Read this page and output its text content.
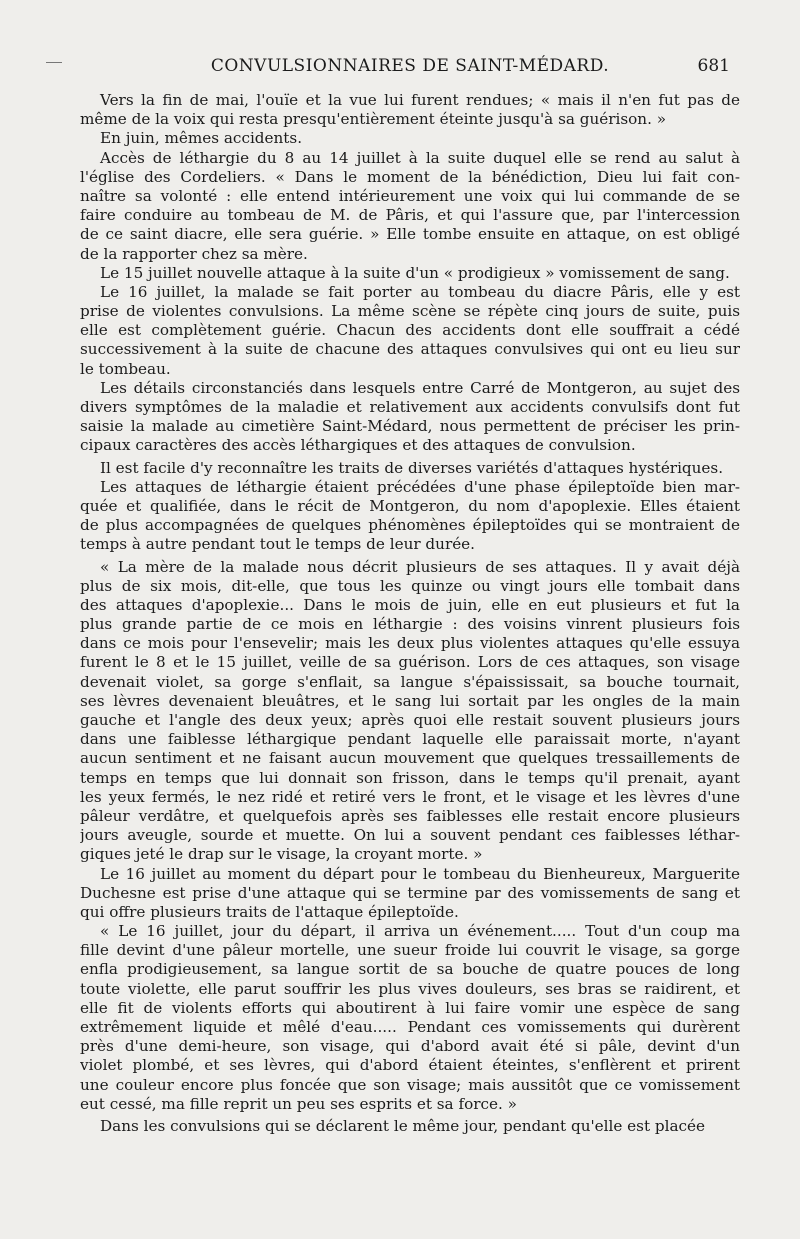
CONVULSIONNAIRES DE SAINT-MÉDARD.	681
Vers la fin de mai, l'ouïe et la vue lui furent rendues; « mais il n'en fut pas de
même de la voix qui resta presqu'entièrement éteinte jusqu'à sa guérison. »
En juin, mêmes accidents.
Accès de léthargie du 8 au 14 juillet à la suite duquel elle se rend au salut à
l'église des Cordeliers. « Dans le moment de la bénédiction, Dieu lui fait con-
naître sa volonté : elle entend intérieurement une voix qui lui commande de se
faire conduire au tombeau de M. de Pâris, et qui l'assure que, par l'intercession
de ce saint diacre, elle sera guérie. » Elle tombe ensuite en attaque, on est obligé
de la rapporter chez sa mère.
Le 15 juillet nouvelle attaque à la suite d'un « prodigieux » vomissement de sang.
Le 16 juillet, la malade se fait porter au tombeau du diacre Pâris, elle y est
prise de violentes convulsions. La même scène se répète cinq jours de suite, puis
elle est complètement guérie. Chacun des accidents dont elle souffrait a cédé
successivement à la suite de chacune des attaques convulsives qui ont eu lieu sur
le tombeau.
Les détails circonstanciés dans lesquels entre Carré de Montgeron, au sujet des
divers symptômes de la maladie et relativement aux accidents convulsifs dont fut
saisie la malade au cimetière Saint-Médard, nous permettent de préciser les prin-
cipaux caractères des accès léthargiques et des attaques de convulsion.
Il est facile d'y reconnaître les traits de diverses variétés d'attaques hystériques.
Les attaques de léthargie étaient précédées d'une phase épileptoïde bien mar-
quée et qualifiée, dans le récit de Montgeron, du nom d'apoplexie. Elles étaient
de plus accompagnées de quelques phénomènes épileptoïdes qui se montraient de
temps à autre pendant tout le temps de leur durée.
« La mère de la malade nous décrit plusieurs de ses attaques. Il y avait déjà
plus de six mois, dit-elle, que tous les quinze ou vingt jours elle tombait dans
des attaques d'apoplexie... Dans le mois de juin, elle en eut plusieurs et fut la
plus grande partie de ce mois en léthargie : des voisins vinrent plusieurs fois
dans ce mois pour l'ensevelir; mais les deux plus violentes attaques qu'elle essuya
furent le 8 et le 15 juillet, veille de sa guérison. Lors de ces attaques, son visage
devenait violet, sa gorge s'enflait, sa langue s'épaississait, sa bouche tournait,
ses lèvres devenaient bleuâtres, et le sang lui sortait par les ongles de la main
gauche et l'angle des deux yeux; après quoi elle restait souvent plusieurs jours
dans une faiblesse léthargique pendant laquelle elle paraissait morte, n'ayant
aucun sentiment et ne faisant aucun mouvement que quelques tressaillements de
temps en temps que lui donnait son frisson, dans le temps qu'il prenait, ayant
les yeux fermés, le nez ridé et retiré vers le front, et le visage et les lèvres d'une
pâleur verdâtre, et quelquefois après ses faiblesses elle restait encore plusieurs
jours aveugle, sourde et muette. On lui a souvent pendant ces faiblesses léthar-
giques jeté le drap sur le visage, la croyant morte. »
Le 16 juillet au moment du départ pour le tombeau du Bienheureux, Marguerite
Duchesne est prise d'une attaque qui se termine par des vomissements de sang et
qui offre plusieurs traits de l'attaque épileptoïde.
« Le 16 juillet, jour du départ, il arriva un événement..... Tout d'un coup ma
fille devint d'une pâleur mortelle, une sueur froide lui couvrit le visage, sa gorge
enfla prodigieusement, sa langue sortit de sa bouche de quatre pouces de long
toute violette, elle parut souffrir les plus vives douleurs, ses bras se raidirent, et
elle fit de violents efforts qui aboutirent à lui faire vomir une espèce de sang
extrêmement liquide et mêlé d'eau..... Pendant ces vomissements qui durèrent
près d'une demi-heure, son visage, qui d'abord avait été si pâle, devint d'un
violet plombé, et ses lèvres, qui d'abord étaient éteintes, s'enflèrent et prirent
une couleur encore plus foncée que son visage; mais aussitôt que ce vomissement
eut cessé, ma fille reprit un peu ses esprits et sa force. »
Dans les convulsions qui se déclarent le même jour, pendant qu'elle est placée
